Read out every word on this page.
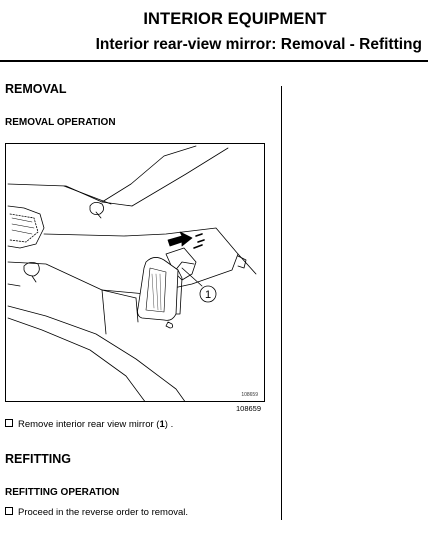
INTERIOR EQUIPMENT
Interior rear-view mirror: Removal - Refitting
REMOVAL
REMOVAL OPERATION
1
108659
108659
Remove interior rear view mirror (1) .
REFITTING
REFITTING OPERATION
Proceed in the reverse order to removal.
